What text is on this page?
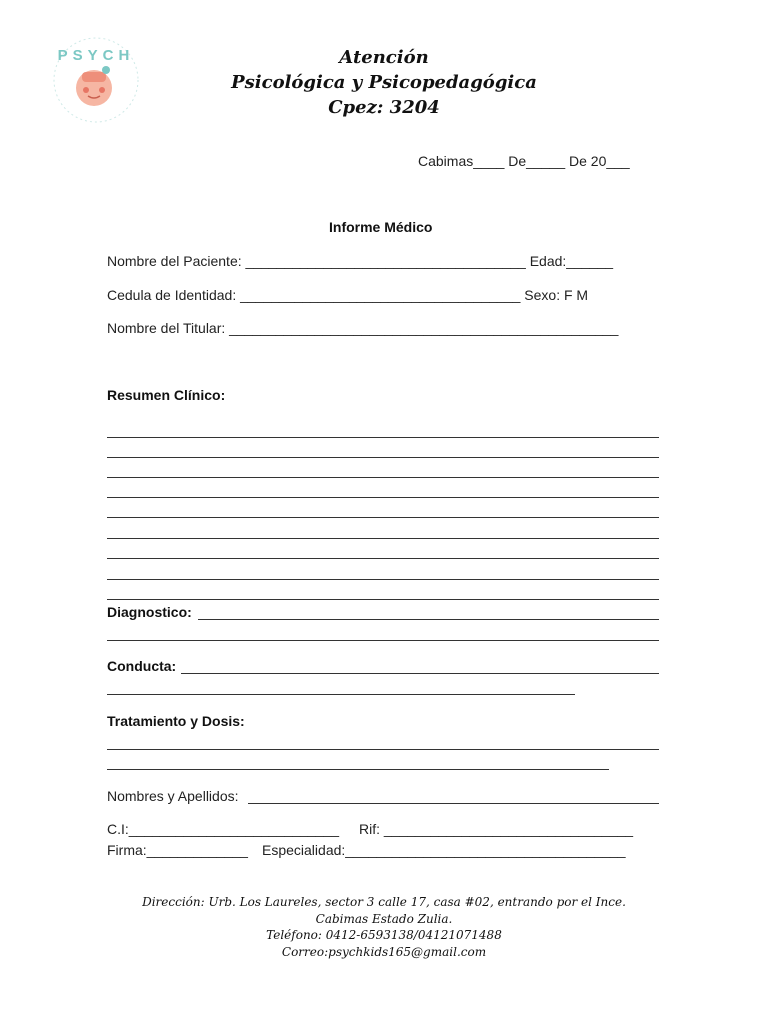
PSYCH	Atención
Psicológica y Psicopedagógica
Cpez: 3204
Cabimas____ De_____ De 20___
Informe Médico
Nombre del Paciente: ____________________________________ Edad:______
Cedula de Identidad: ____________________________________ Sexo: F M
Nombre del Titular: __________________________________________________
Resumen Clínico:
Diagnostico:
Conducta:
Tratamiento y Dosis:
Nombres y Apellidos:
C.I:___________________________ Rif: ________________________________
Firma:_____________ Especialidad:____________________________________
Dirección: Urb. Los Laureles, sector 3 calle 17, casa #02, entrando por el Ince.
Cabimas Estado Zulia.
Teléfono: 0412-6593138/04121071488
Correo:psychkids165@gmail.com
